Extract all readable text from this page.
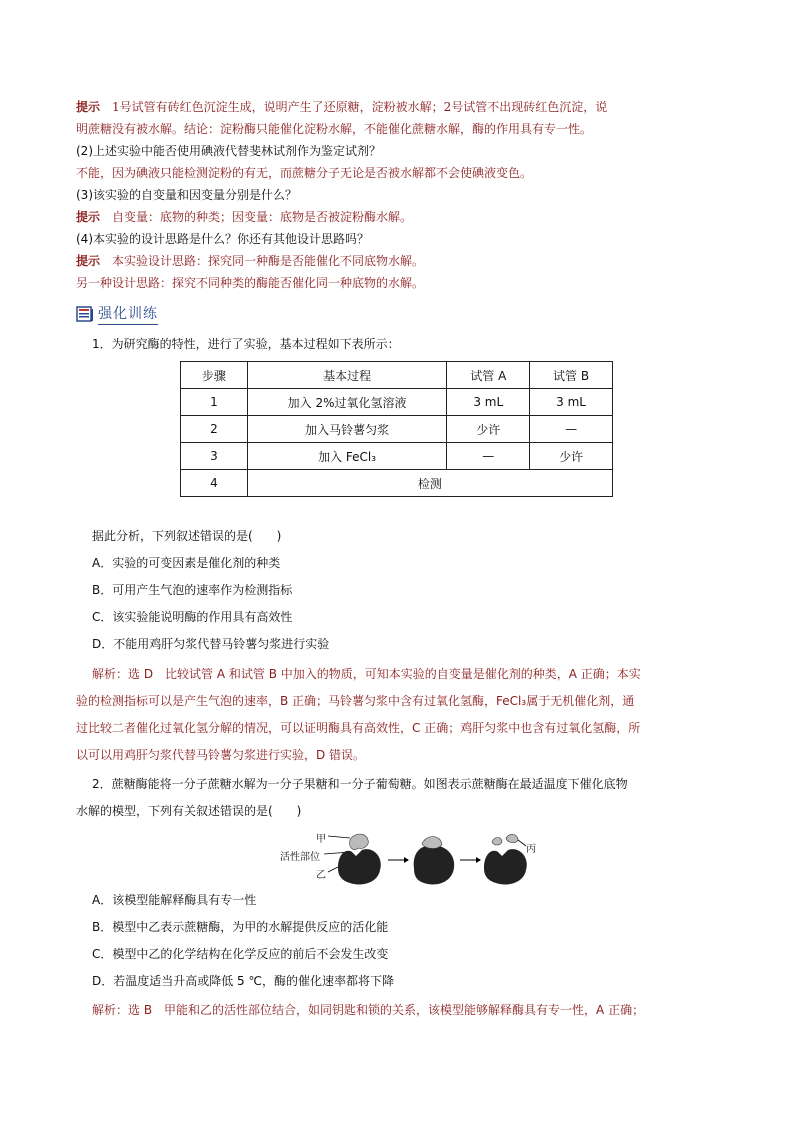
提示　1号试管有砖红色沉淀生成，说明产生了还原糖，淀粉被水解；2号试管不出现砖红色沉淀，说
明蔗糖没有被水解。结论：淀粉酶只能催化淀粉水解，不能催化蔗糖水解，酶的作用具有专一性。
(2)上述实验中能否使用碘液代替斐林试剂作为鉴定试剂？
不能，因为碘液只能检测淀粉的有无，而蔗糖分子无论是否被水解都不会使碘液变色。
(3)该实验的自变量和因变量分别是什么？
提示　自变量：底物的种类；因变量：底物是否被淀粉酶水解。
(4)本实验的设计思路是什么？你还有其他设计思路吗？
提示　本实验设计思路：探究同一种酶是否能催化不同底物水解。
另一种设计思路：探究不同种类的酶能否催化同一种底物的水解。
强化训练
1．为研究酶的特性，进行了实验，基本过程如下表所示：
步骤	基本过程	试管 A	试管 B
1	加入 2%过氧化氢溶液	3 mL	3 mL
2	加入马铃薯匀浆	少许	—
3	加入 FeCl₃	—	少许
4	检测		
据此分析，下列叙述错误的是(　　)
A．实验的可变因素是催化剂的种类
B．可用产生气泡的速率作为检测指标
C．该实验能说明酶的作用具有高效性
D．不能用鸡肝匀浆代替马铃薯匀浆进行实验
解析：选 D　比较试管 A 和试管 B 中加入的物质，可知本实验的自变量是催化剂的种类，A 正确；本实
验的检测指标可以是产生气泡的速率，B 正确；马铃薯匀浆中含有过氧化氢酶，FeCl₃属于无机催化剂，通
过比较二者催化过氧化氢分解的情况，可以证明酶具有高效性，C 正确；鸡肝匀浆中也含有过氧化氢酶，所
以可以用鸡肝匀浆代替马铃薯匀浆进行实验，D 错误。
2．蔗糖酶能将一分子蔗糖水解为一分子果糖和一分子葡萄糖。如图表示蔗糖酶在最适温度下催化底物
水解的模型，下列有关叙述错误的是(　　)
甲
活性部位
乙
丙
A．该模型能解释酶具有专一性
B．模型中乙表示蔗糖酶，为甲的水解提供反应的活化能
C．模型中乙的化学结构在化学反应的前后不会发生改变
D．若温度适当升高或降低 5 ℃，酶的催化速率都将下降
解析：选 B　甲能和乙的活性部位结合，如同钥匙和锁的关系，该模型能够解释酶具有专一性，A 正确；
